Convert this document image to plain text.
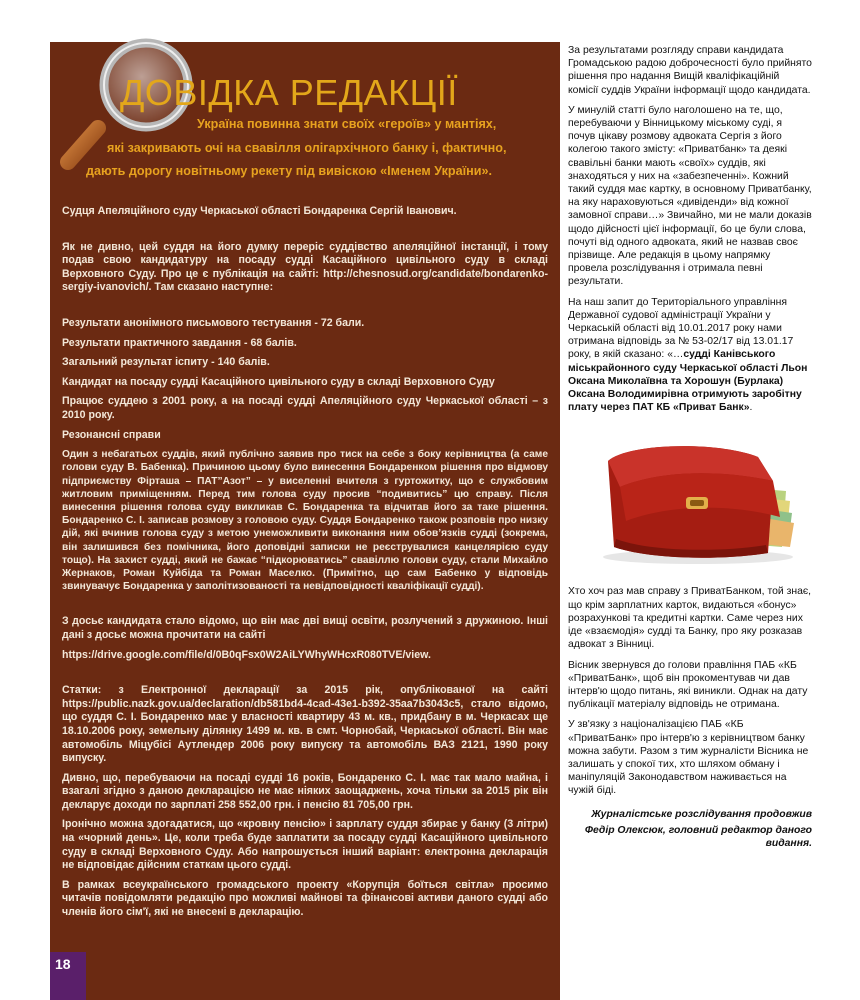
ДОВІДКА РЕДАКЦІЇ
Україна повинна знати своїх «героїв» у мантіях,
які закривають очі на свавілля олігархічного банку і, фактично,
дають дорогу новітньому рекету під вивіскою «Іменем України».

Судця Апеляційного суду Черкаської області Бондаренка Сергій Іванович.

Як не дивно, цей суддя на його думку переріс суддівство апеляційної інстанції, і тому подав свою кандидатуру на посаду судді Касаційного цивільного суду в складі Верховного Суду. Про це є публікація на сайті: http://chesnosud.org/candidate/bondarenko-sergiy-ivanovich/. Там сказано наступне:

Результати анонімного письмового тестування - 72 бали.

Результати практичного завдання - 68 балів.

Загальний результат іспиту - 140 балів.

Кандидат на посаду судді Касаційного цивільного суду в складі Верховного Суду

Працює суддею з 2001 року, а на посаді судді Апеляційного суду Черкаської області – з 2010 року.

Резонансні справи

Один з небагатьох суддів, який публічно заявив про тиск на себе з боку керівництва (а саме голови суду В. Бабенка). Причиною цьому було винесення Бондаренком рішення про відмову підприємству Фірташа – ПАТ”Азот” – у виселенні вчителя з гуртожитку, що є службовим житловим приміщенням. Перед тим голова суду просив “подивитись” цю справу. Після винесення рішення голова суду викликав С. Бондаренка та відчитав його за таке рішення. Бондаренко С. І. записав розмову з головою суду. Суддя Бондаренко також розповів про низку дій, які вчинив голова суду з метою унеможливити виконання ним обов’язків судді (зокрема, він залишився без помічника, його доповідні записки не реєструвалися канцелярією суду тощо). На захист судді, який не бажає “підкорюватись” свавіллю голови суду, стали Михайло Жернаков, Роман Куйбіда та Роман Маселко. (Примітно, що сам Бабенко у відповідь звинувачує Бондаренка у заполітизованості та невідповідності кваліфікації судді).

З досьє кандидата стало відомо, що він має дві вищі освіти, розлучений з дружиною. Інші дані з досьє можна прочитати на сайті

https://drive.google.com/file/d/0B0qFsx0W2AiLYWhyWHcxR080TVE/view.

Статки: з Електронної декларації за 2015 рік, опублікованої на сайті https://public.nazk.gov.ua/declaration/db581bd4-4cad-43e1-b392-35aa7b3043c5, стало відомо, що суддя С. І. Бондаренко має у власності квартиру 43 м. кв., придбану в м. Черкасах ще 18.10.2006 року, земельну ділянку 1499 м. кв. в смт. Чорнобай, Черкаської області. Він має автомобіль Міцубісі Аутлендер 2006 року випуску та автомобіль ВАЗ 2121, 1990 року випуску.

Дивно, що, перебуваючи на посаді судді 16 років, Бондаренко С. І. має так мало майна, і взагалі згідно з даною декларацією не має ніяких заощаджень, хоча тільки за 2015 рік він декларує доходи по зарплаті 258 552,00 грн. і пенсію 81 705,00 грн.

Іронічно можна здогадатися, що «кровну пенсію» і зарплату суддя збирає у банку (3 літри) на «чорний день». Це, коли треба буде заплатити за посаду судді Касаційного цивільного суду в складі Верховного Суду. Або напрошується інший варіант: електронна декларація не відповідає дійсним статкам цього судді.

В рамках всеукраїнського громадського проекту «Корупція боїться світла» просимо читачів повідомляти редакцію про можливі майнові та фінансові активи даного судді або членів його сім'ї, які не внесені в декларацію.

18

За результатами розгляду справи кандидата Громадською радою доброчесності було прийнято рішення про надання Вищій кваліфікаційній комісії суддів України інформації щодо кандидата.

У минулій статті було наголошено на те, що, перебуваючи у Вінницькому міському суді, я почув цікаву розмову адвоката Сергія з його колегою такого змісту: «Приватбанк» та деякі свавільні банки мають «своїх» суддів, які знаходяться у них на «забезпеченні». Кожний такий суддя має картку, в основному Приватбанку, на яку нараховуються «дивіденди» від кожної замовної справи…» Звичайно, ми не мали доказів щодо дійсності цієї інформації, бо це були слова, почуті від одного адвоката, який не назвав своє прізвище. Але редакція в цьому напрямку провела розслідування і отримала певні результати.

На наш запит до Територіального управління Державної судової адміністрації України у Черкаській області від 10.01.2017 року нами отримана відповідь за № 53-02/17 від 13.01.17 року, в якій сказано: «…судді Канівського міськрайонного суду Черкаської області Льон Оксана Миколаївна та Хорошун (Бурлака) Оксана Володимирівна отримують заробітну плату через ПАТ КБ «Приват Банк».

Хто хоч раз мав справу з ПриватБанком, той знає, що крім зарплатних карток, видаються «бонус» розрахункові та кредитні картки. Саме через них іде «взаємодія» судді та Банку, про яку розказав адвокат з Вінниці.

Вісник звернувся до голови правління ПАБ «КБ «ПриватБанк», щоб він прокоментував чи дав інтерв'ю щодо питань, які виникли. Однак на дату публікації матеріалу відповідь не отримана.

У зв'язку з націоналізацією ПАБ «КБ «ПриватБанк» про інтерв'ю з керівництвом банку можна забути. Разом з тим журналісти Вісника не залишать у спокої тих, хто шляхом обману і маніпуляцій Законодавством наживається на чужій біді.

Журналістське розслідування продовжив

Федір Олексюк, головний редактор даного видання.
